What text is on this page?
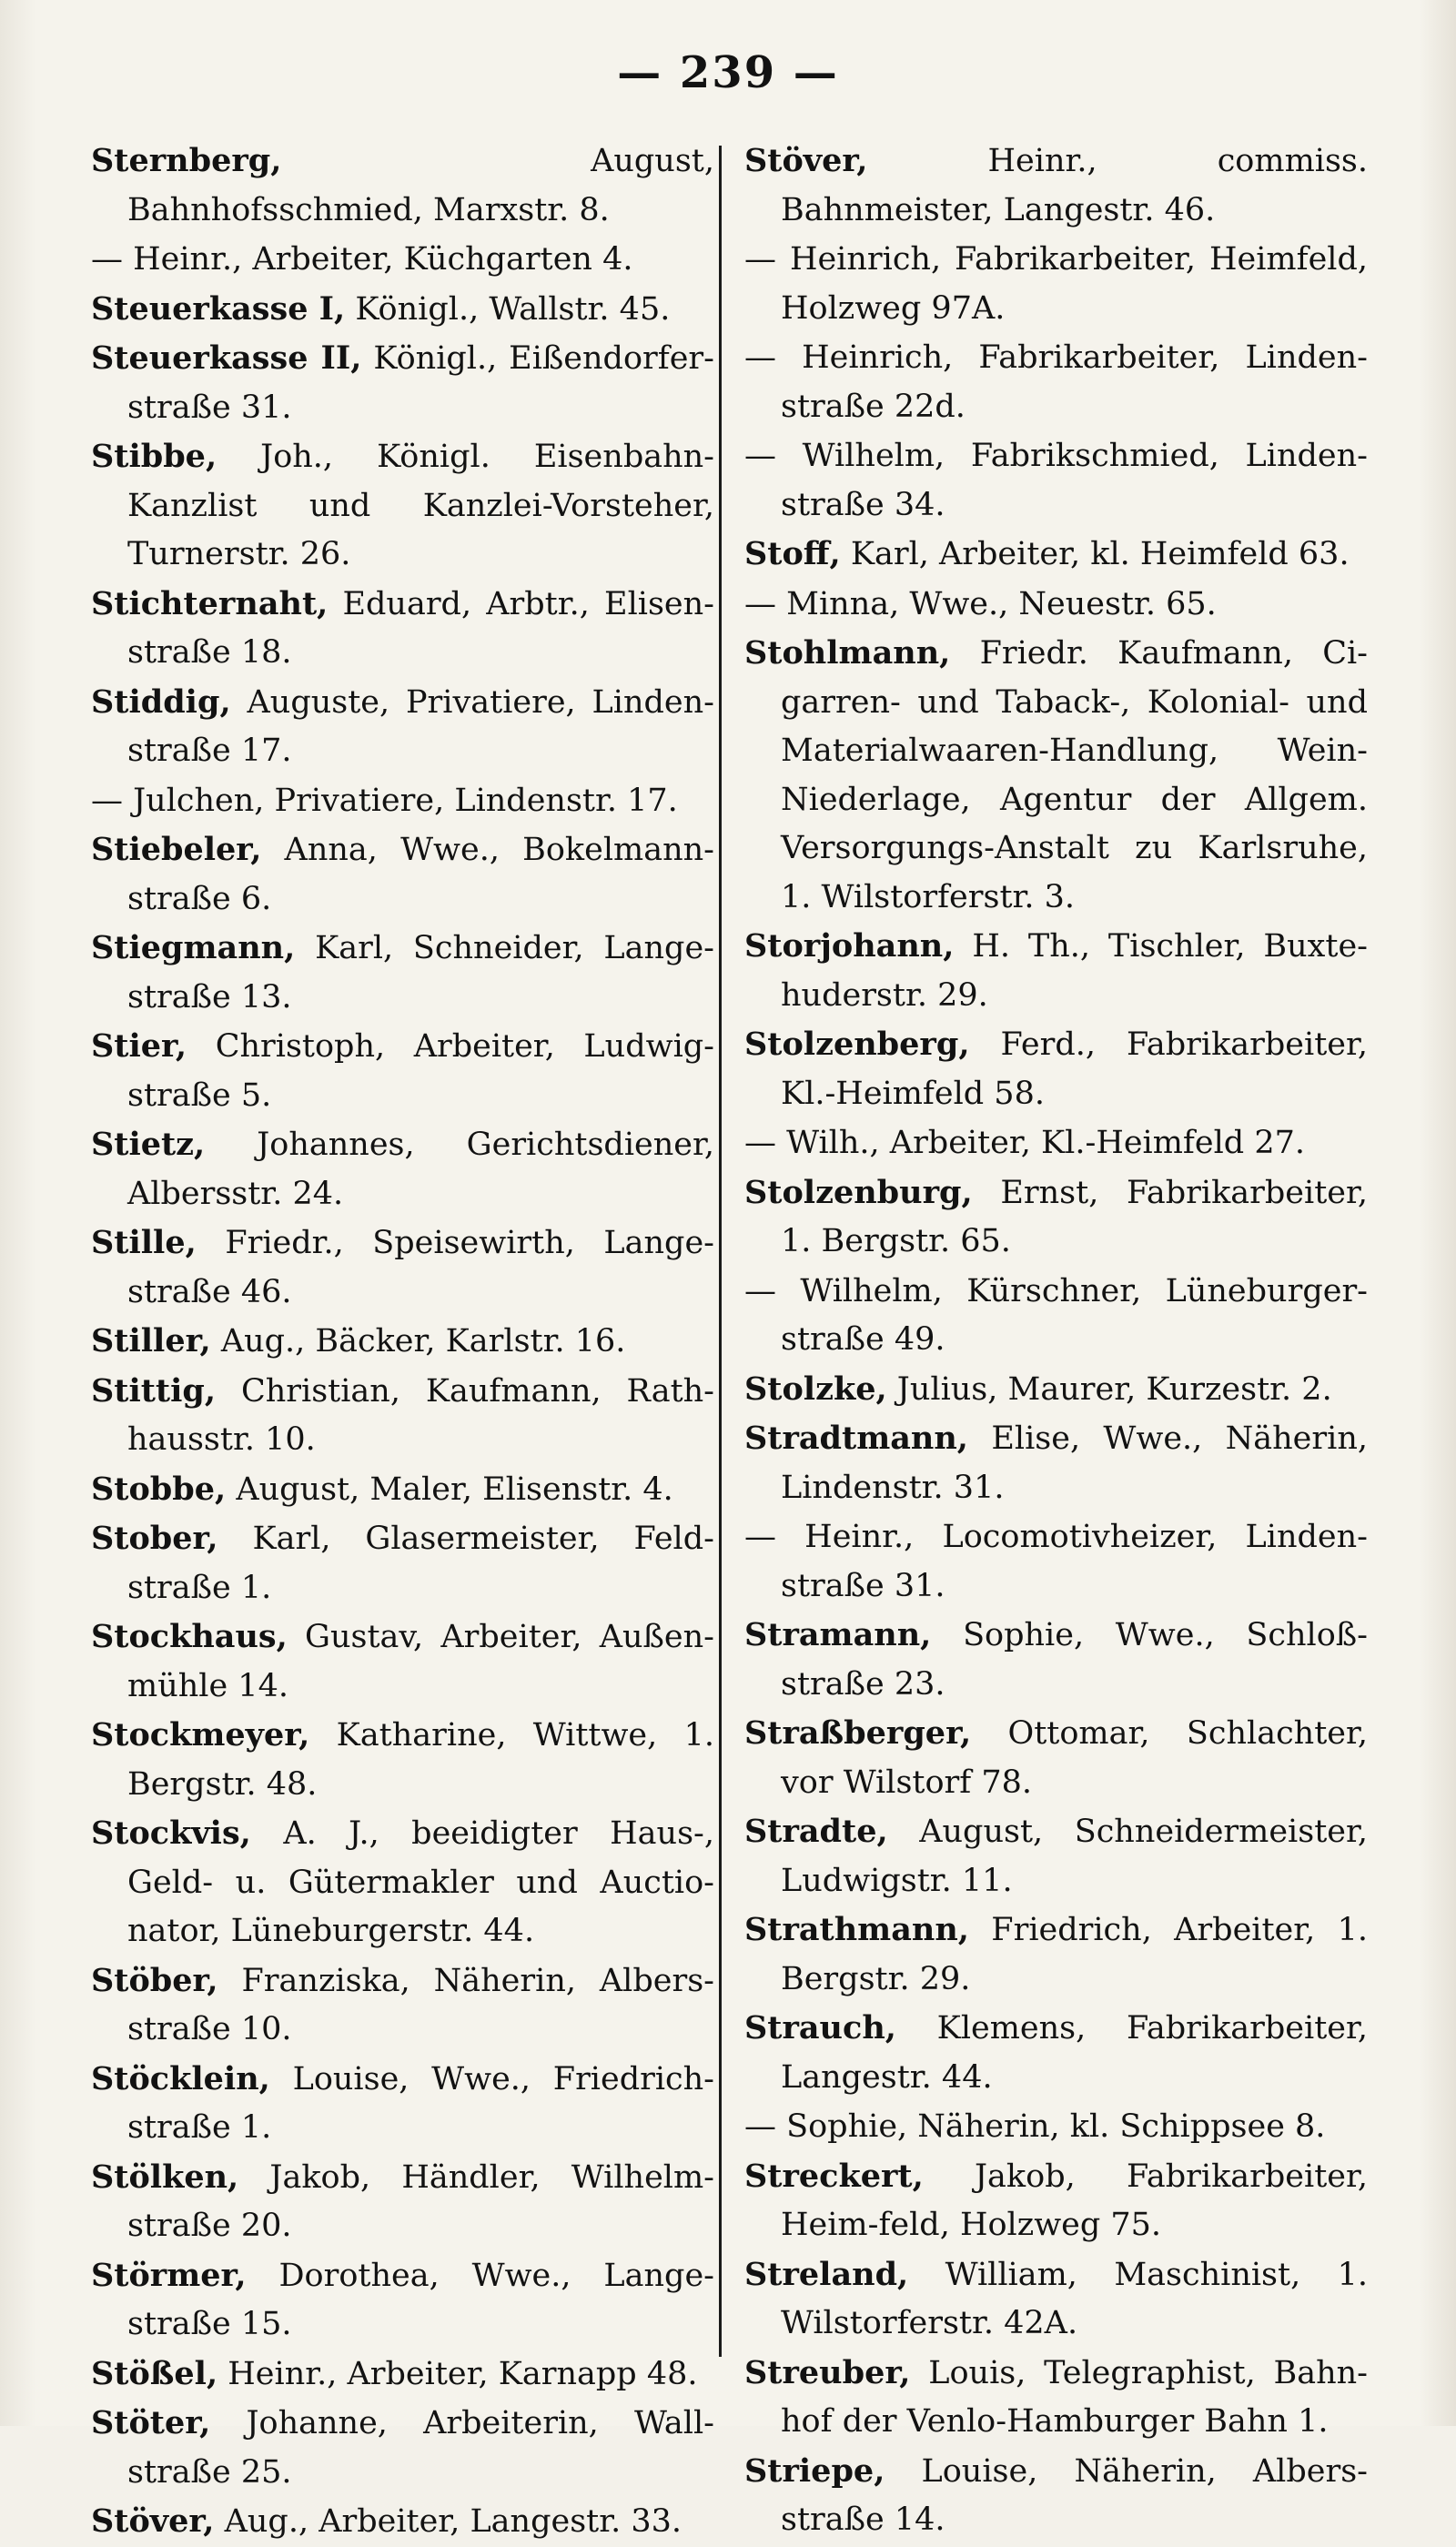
— 239 —
Sternberg, August, Bahnhofsschmied, Marxstr. 8.
— Heinr., Arbeiter, Küchgarten 4.
Steuerkasse I, Königl., Wallstr. 45.
Steuerkasse II, Königl., Eißendorfer-straße 31.
Stibbe, Joh., Königl. Eisenbahn-Kanzlist und Kanzlei-Vorsteher, Turnerstr. 26.
Stichternaht, Eduard, Arbtr., Elisen-straße 18.
Stiddig, Auguste, Privatiere, Linden-straße 17.
— Julchen, Privatiere, Lindenstr. 17.
Stiebeler, Anna, Wwe., Bokelmann-straße 6.
Stiegmann, Karl, Schneider, Lange-straße 13.
Stier, Christoph, Arbeiter, Ludwig-straße 5.
Stietz, Johannes, Gerichtsdiener, Albersstr. 24.
Stille, Friedr., Speisewirth, Lange-straße 46.
Stiller, Aug., Bäcker, Karlstr. 16.
Stittig, Christian, Kaufmann, Rath-hausstr. 10.
Stobbe, August, Maler, Elisenstr. 4.
Stober, Karl, Glasermeister, Feld-straße 1.
Stockhaus, Gustav, Arbeiter, Außen-mühle 14.
Stockmeyer, Katharine, Wittwe, 1. Bergstr. 48.
Stockvis, A. J., beeidigter Haus-, Geld- u. Gütermakler und Auctio-nator, Lüneburgerstr. 44.
Stöber, Franziska, Näherin, Albers-straße 10.
Stöcklein, Louise, Wwe., Friedrich-straße 1.
Stölken, Jakob, Händler, Wilhelm-straße 20.
Störmer, Dorothea, Wwe., Lange-straße 15.
Stößel, Heinr., Arbeiter, Karnapp 48.
Stöter, Johanne, Arbeiterin, Wall-straße 25.
Stöver, Aug., Arbeiter, Langestr. 33.
Stöver, Heinr., commiss. Bahnmeister, Langestr. 46.
— Heinrich, Fabrikarbeiter, Heimfeld, Holzweg 97A.
— Heinrich, Fabrikarbeiter, Linden-straße 22d.
— Wilhelm, Fabrikschmied, Linden-straße 34.
Stoff, Karl, Arbeiter, kl. Heimfeld 63.
— Minna, Wwe., Neuestr. 65.
Stohlmann, Friedr. Kaufmann, Ci-garren- und Taback-, Kolonial- und Materialwaaren-Handlung, Wein-Niederlage, Agentur der Allgem. Versorgungs-Anstalt zu Karlsruhe, 1. Wilstorferstr. 3.
Storjohann, H. Th., Tischler, Buxte-huderstr. 29.
Stolzenberg, Ferd., Fabrikarbeiter, Kl.-Heimfeld 58.
— Wilh., Arbeiter, Kl.-Heimfeld 27.
Stolzenburg, Ernst, Fabrikarbeiter, 1. Bergstr. 65.
— Wilhelm, Kürschner, Lüneburger-straße 49.
Stolzke, Julius, Maurer, Kurzestr. 2.
Stradtmann, Elise, Wwe., Näherin, Lindenstr. 31.
— Heinr., Locomotivheizer, Linden-straße 31.
Stramann, Sophie, Wwe., Schloß-straße 23.
Straßberger, Ottomar, Schlachter, vor Wilstorf 78.
Stradte, August, Schneidermeister, Ludwigstr. 11.
Strathmann, Friedrich, Arbeiter, 1. Bergstr. 29.
Strauch, Klemens, Fabrikarbeiter, Langestr. 44.
— Sophie, Näherin, kl. Schippsee 8.
Streckert, Jakob, Fabrikarbeiter, Heim-feld, Holzweg 75.
Streland, William, Maschinist, 1. Wilstorferstr. 42A.
Streuber, Louis, Telegraphist, Bahn-hof der Venlo-Hamburger Bahn 1.
Striepe, Louise, Näherin, Albers-straße 14.
